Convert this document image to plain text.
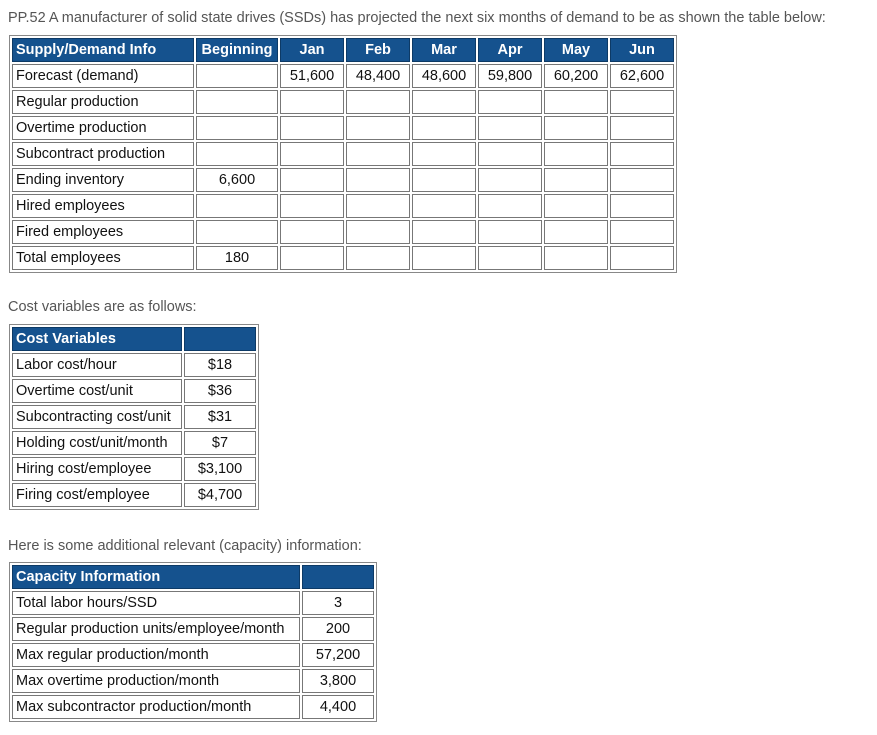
PP.52 A manufacturer of solid state drives (SSDs) has projected the next six months of demand to be as shown the table below:
Supply/Demand Info	Beginning	Jan	Feb	Mar	Apr	May	Jun
Forecast (demand)		51,600	48,400	48,600	59,800	60,200	62,600
Regular production							
Overtime production							
Subcontract production							
Ending inventory	6,600						
Hired employees							
Fired employees							
Total employees	180						
Cost variables are as follows:
Cost Variables	
Labor cost/hour	$18
Overtime cost/unit	$36
Subcontracting cost/unit	$31
Holding cost/unit/month	$7
Hiring cost/employee	$3,100
Firing cost/employee	$4,700
Here is some additional relevant (capacity) information:
Capacity Information	
Total labor hours/SSD	3
Regular production units/employee/month	200
Max regular production/month	57,200
Max overtime production/month	3,800
Max subcontractor production/month	4,400
